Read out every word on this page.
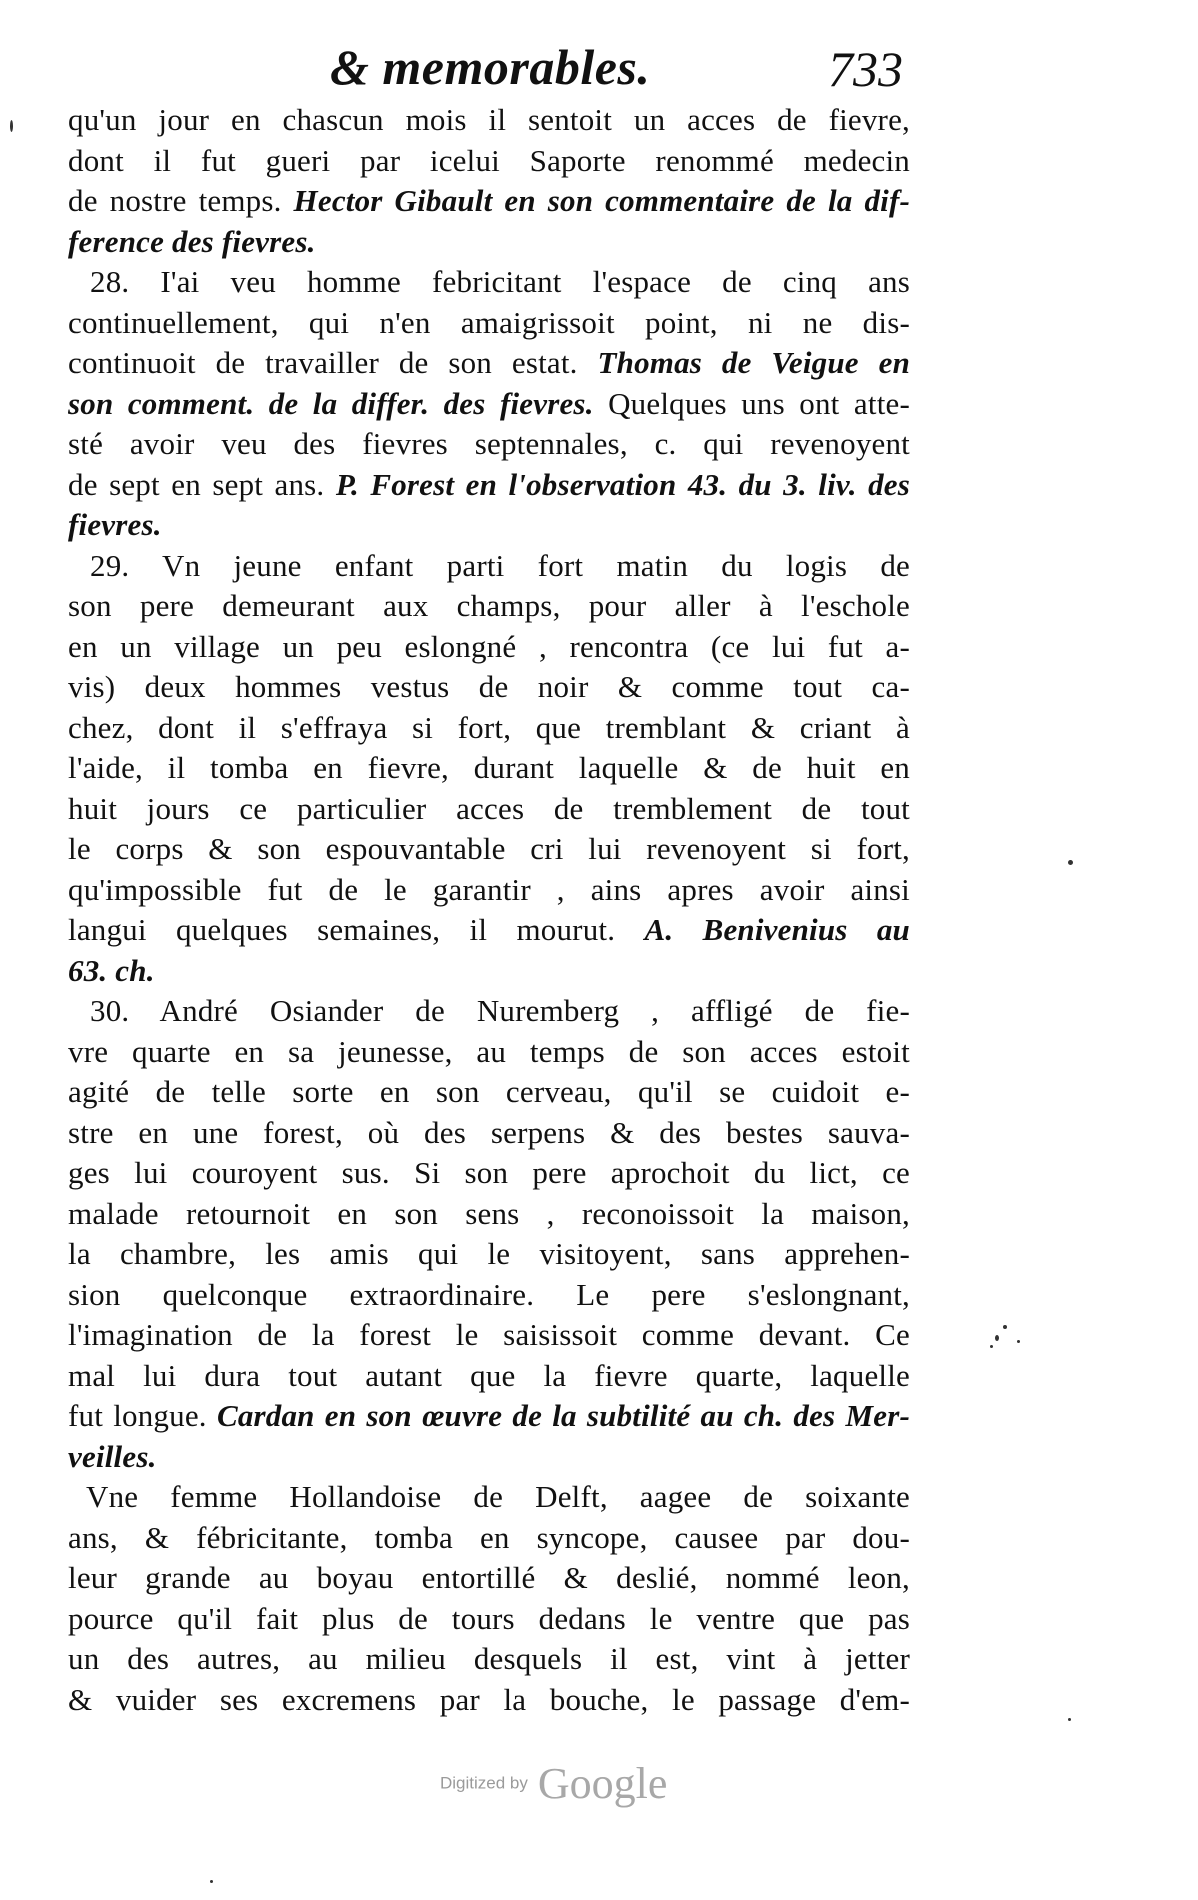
& memorables.	733
qu'un jour en chascun mois il sentoit un acces de fievre,
dont il fut gueri par icelui Saporte renommé medecin
de nostre temps. Hector Gibault en son commentaire de la dif-
ference des fievres.
28. I'ai veu homme febricitant l'espace de cinq ans
continuellement, qui n'en amaigrissoit point, ni ne dis-
continuoit de travailler de son estat. Thomas de Veigue en
son comment. de la differ. des fievres. Quelques uns ont atte-
sté avoir veu des fievres septennales, c. qui revenoyent
de sept en sept ans. P. Forest en l'observation 43. du 3. liv. des
fievres.
29. Vn jeune enfant parti fort matin du logis de
son pere demeurant aux champs, pour aller à l'eschole
en un village un peu eslongné , rencontra (ce lui fut a-
vis) deux hommes vestus de noir & comme tout ca-
chez, dont il s'effraya si fort, que tremblant & criant à
l'aide, il tomba en fievre, durant laquelle & de huit en
huit jours ce particulier acces de tremblement de tout
le corps & son espouvantable cri lui revenoyent si fort,
qu'impossible fut de le garantir , ains apres avoir ainsi
langui quelques semaines, il mourut. A. Benivenius au
63. ch.
30. André Osiander de Nuremberg , affligé de fie-
vre quarte en sa jeunesse, au temps de son acces estoit
agité de telle sorte en son cerveau, qu'il se cuidoit e-
stre en une forest, où des serpens & des bestes sauva-
ges lui couroyent sus. Si son pere aprochoit du lict, ce
malade retournoit en son sens , reconoissoit la maison,
la chambre, les amis qui le visitoyent, sans apprehen-
sion quelconque extraordinaire. Le pere s'eslongnant,
l'imagination de la forest le saisissoit comme devant. Ce
mal lui dura tout autant que la fievre quarte, laquelle
fut longue. Cardan en son œuvre de la subtilité au ch. des Mer-
veilles.
Vne femme Hollandoise de Delft, aagee de soixante
ans, & fébricitante, tomba en syncope, causee par dou-
leur grande au boyau entortillé & deslié, nommé leon,
pource qu'il fait plus de tours dedans le ventre que pas
un des autres, au milieu desquels il est, vint à jetter
& vuider ses excremens par la bouche, le passage d'em-
Digitized by Google
